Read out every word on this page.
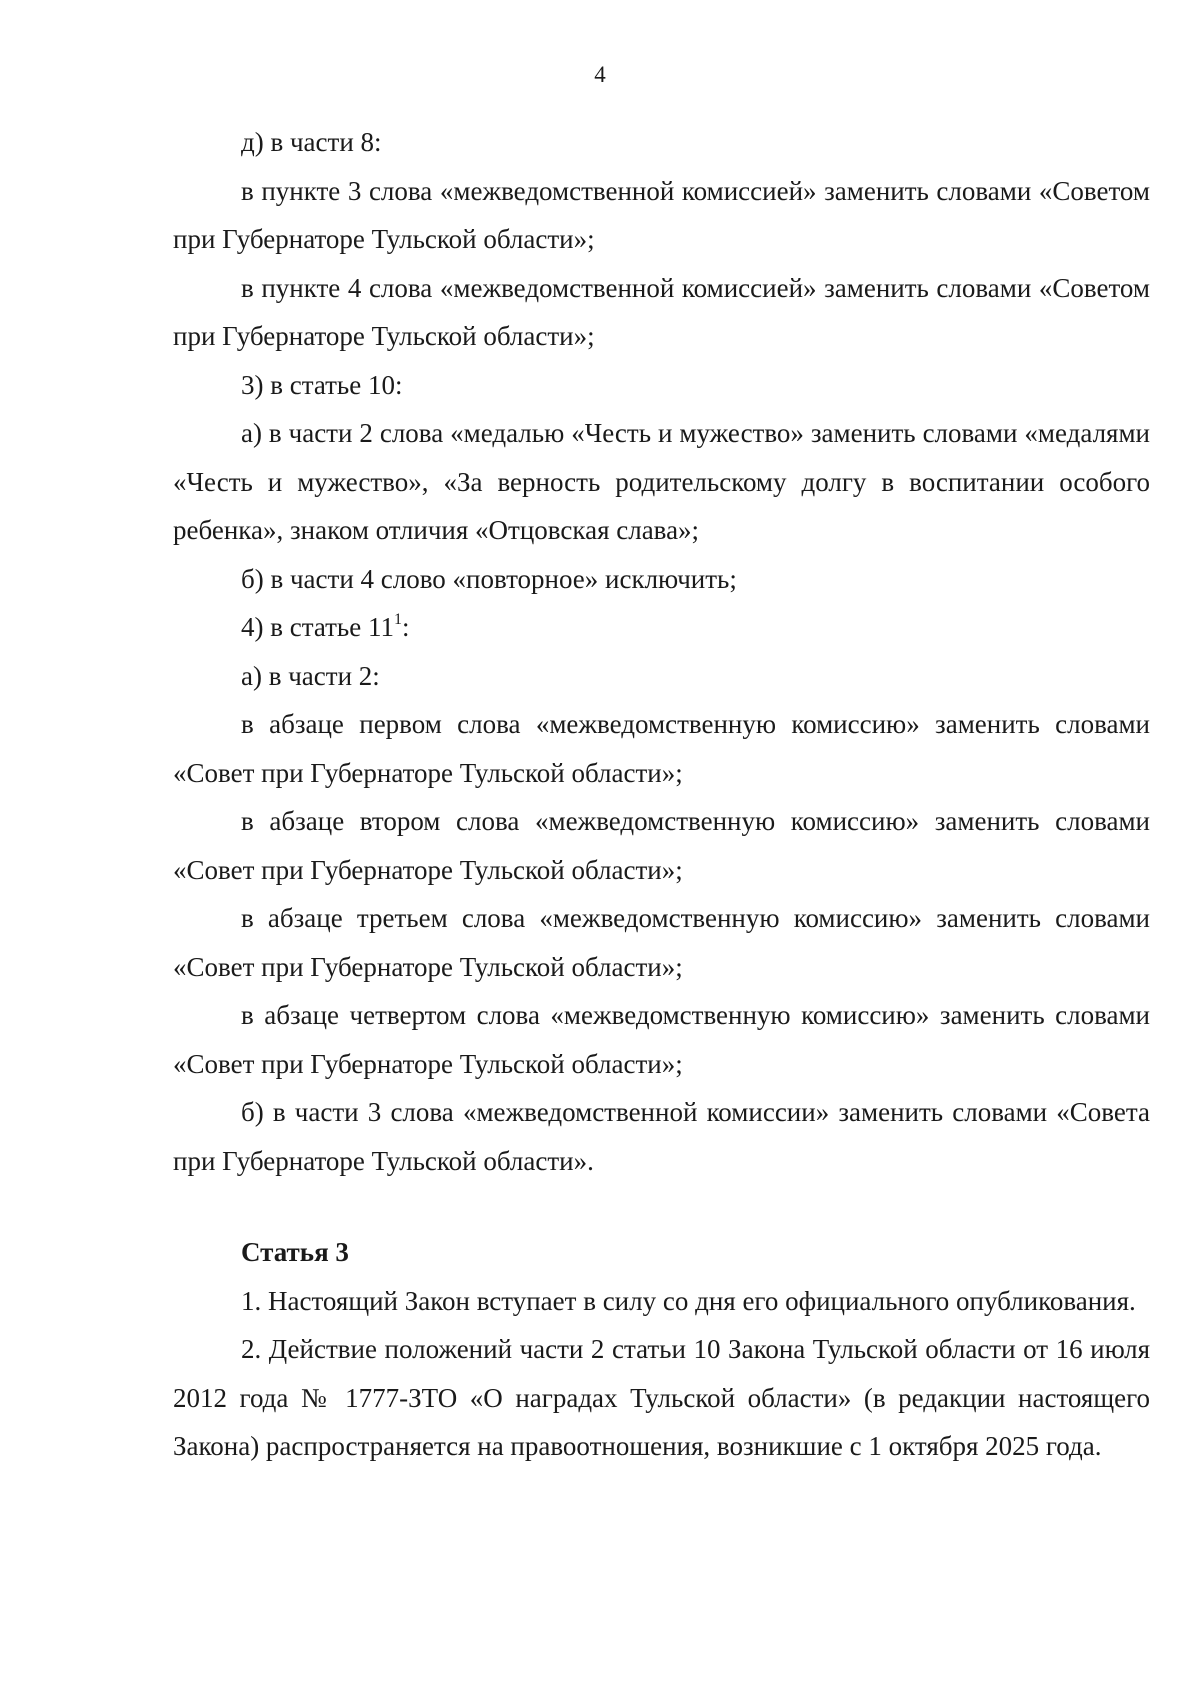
4

д) в части 8:

в пункте 3 слова «межведомственной комиссией» заменить словами «Советом при Губернаторе Тульской области»;

в пункте 4 слова «межведомственной комиссией» заменить словами «Советом при Губернаторе Тульской области»;

3) в статье 10:

а) в части 2 слова «медалью «Честь и мужество» заменить словами «медалями «Честь и мужество», «За верность родительскому долгу в воспитании особого ребенка», знаком отличия «Отцовская слава»;

б) в части 4 слово «повторное» исключить;

4) в статье $11^1$:

а) в части 2:

в абзаце первом слова «межведомственную комиссию» заменить словами «Совет при Губернаторе Тульской области»;

в абзаце втором слова «межведомственную комиссию» заменить словами «Совет при Губернаторе Тульской области»;

в абзаце третьем слова «межведомственную комиссию» заменить словами «Совет при Губернаторе Тульской области»;

в абзаце четвертом слова «межведомственную комиссию» заменить словами «Совет при Губернаторе Тульской области»;

б) в части 3 слова «межведомственной комиссии» заменить словами «Совета при Губернаторе Тульской области».

Статья 3

1. Настоящий Закон вступает в силу со дня его официального опубликования.

2. Действие положений части 2 статьи 10 Закона Тульской области от 16 июля 2012 года № 1777-ЗТО «О наградах Тульской области» (в редакции настоящего Закона) распространяется на правоотношения, возникшие с 1 октября 2025 года.
